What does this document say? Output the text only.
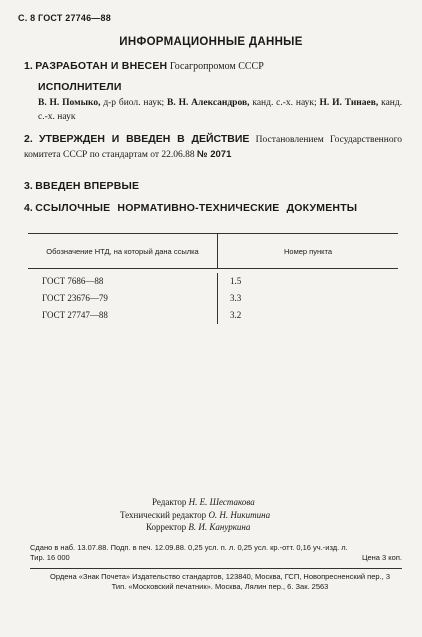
С. 8 ГОСТ 27746—88
ИНФОРМАЦИОННЫЕ ДАННЫЕ
1. РАЗРАБОТАН И ВНЕСЕН Госагропромом СССР
ИСПОЛНИТЕЛИ
В. Н. Помыко, д-р биол. наук; В. Н. Александров, канд. с.-х. наук; Н. И. Тинаев, канд. с.-х. наук
2. УТВЕРЖДЕН И ВВЕДЕН В ДЕЙСТВИЕ Постановлением Государственного комитета СССР по стандартам от 22.06.88 № 2071
3. ВВЕДЕН ВПЕРВЫЕ
4. ССЫЛОЧНЫЕ НОРМАТИВНО-ТЕХНИЧЕСКИЕ ДОКУМЕНТЫ
Обозначение НТД, на который дана ссылка	Номер пункта
ГОСТ 7686—88	1.5
ГОСТ 23676—79	3.3
ГОСТ 27747—88	3.2
Редактор Н. Е. Шестакова
Технический редактор О. Н. Никитина
Корректор В. И. Кануркина
Сдано в наб. 13.07.88. Подп. в печ. 12.09.88. 0,25 усл. п. л. 0,25 усл. кр.-отт. 0,16 уч.-изд. л.
Тир. 16 000	Цена 3 коп.
Ордена «Знак Почета» Издательство стандартов, 123840, Москва, ГСП, Новопресненский пер., 3
Тип. «Московский печатник». Москва, Лялин пер., 6. Зак. 2563
